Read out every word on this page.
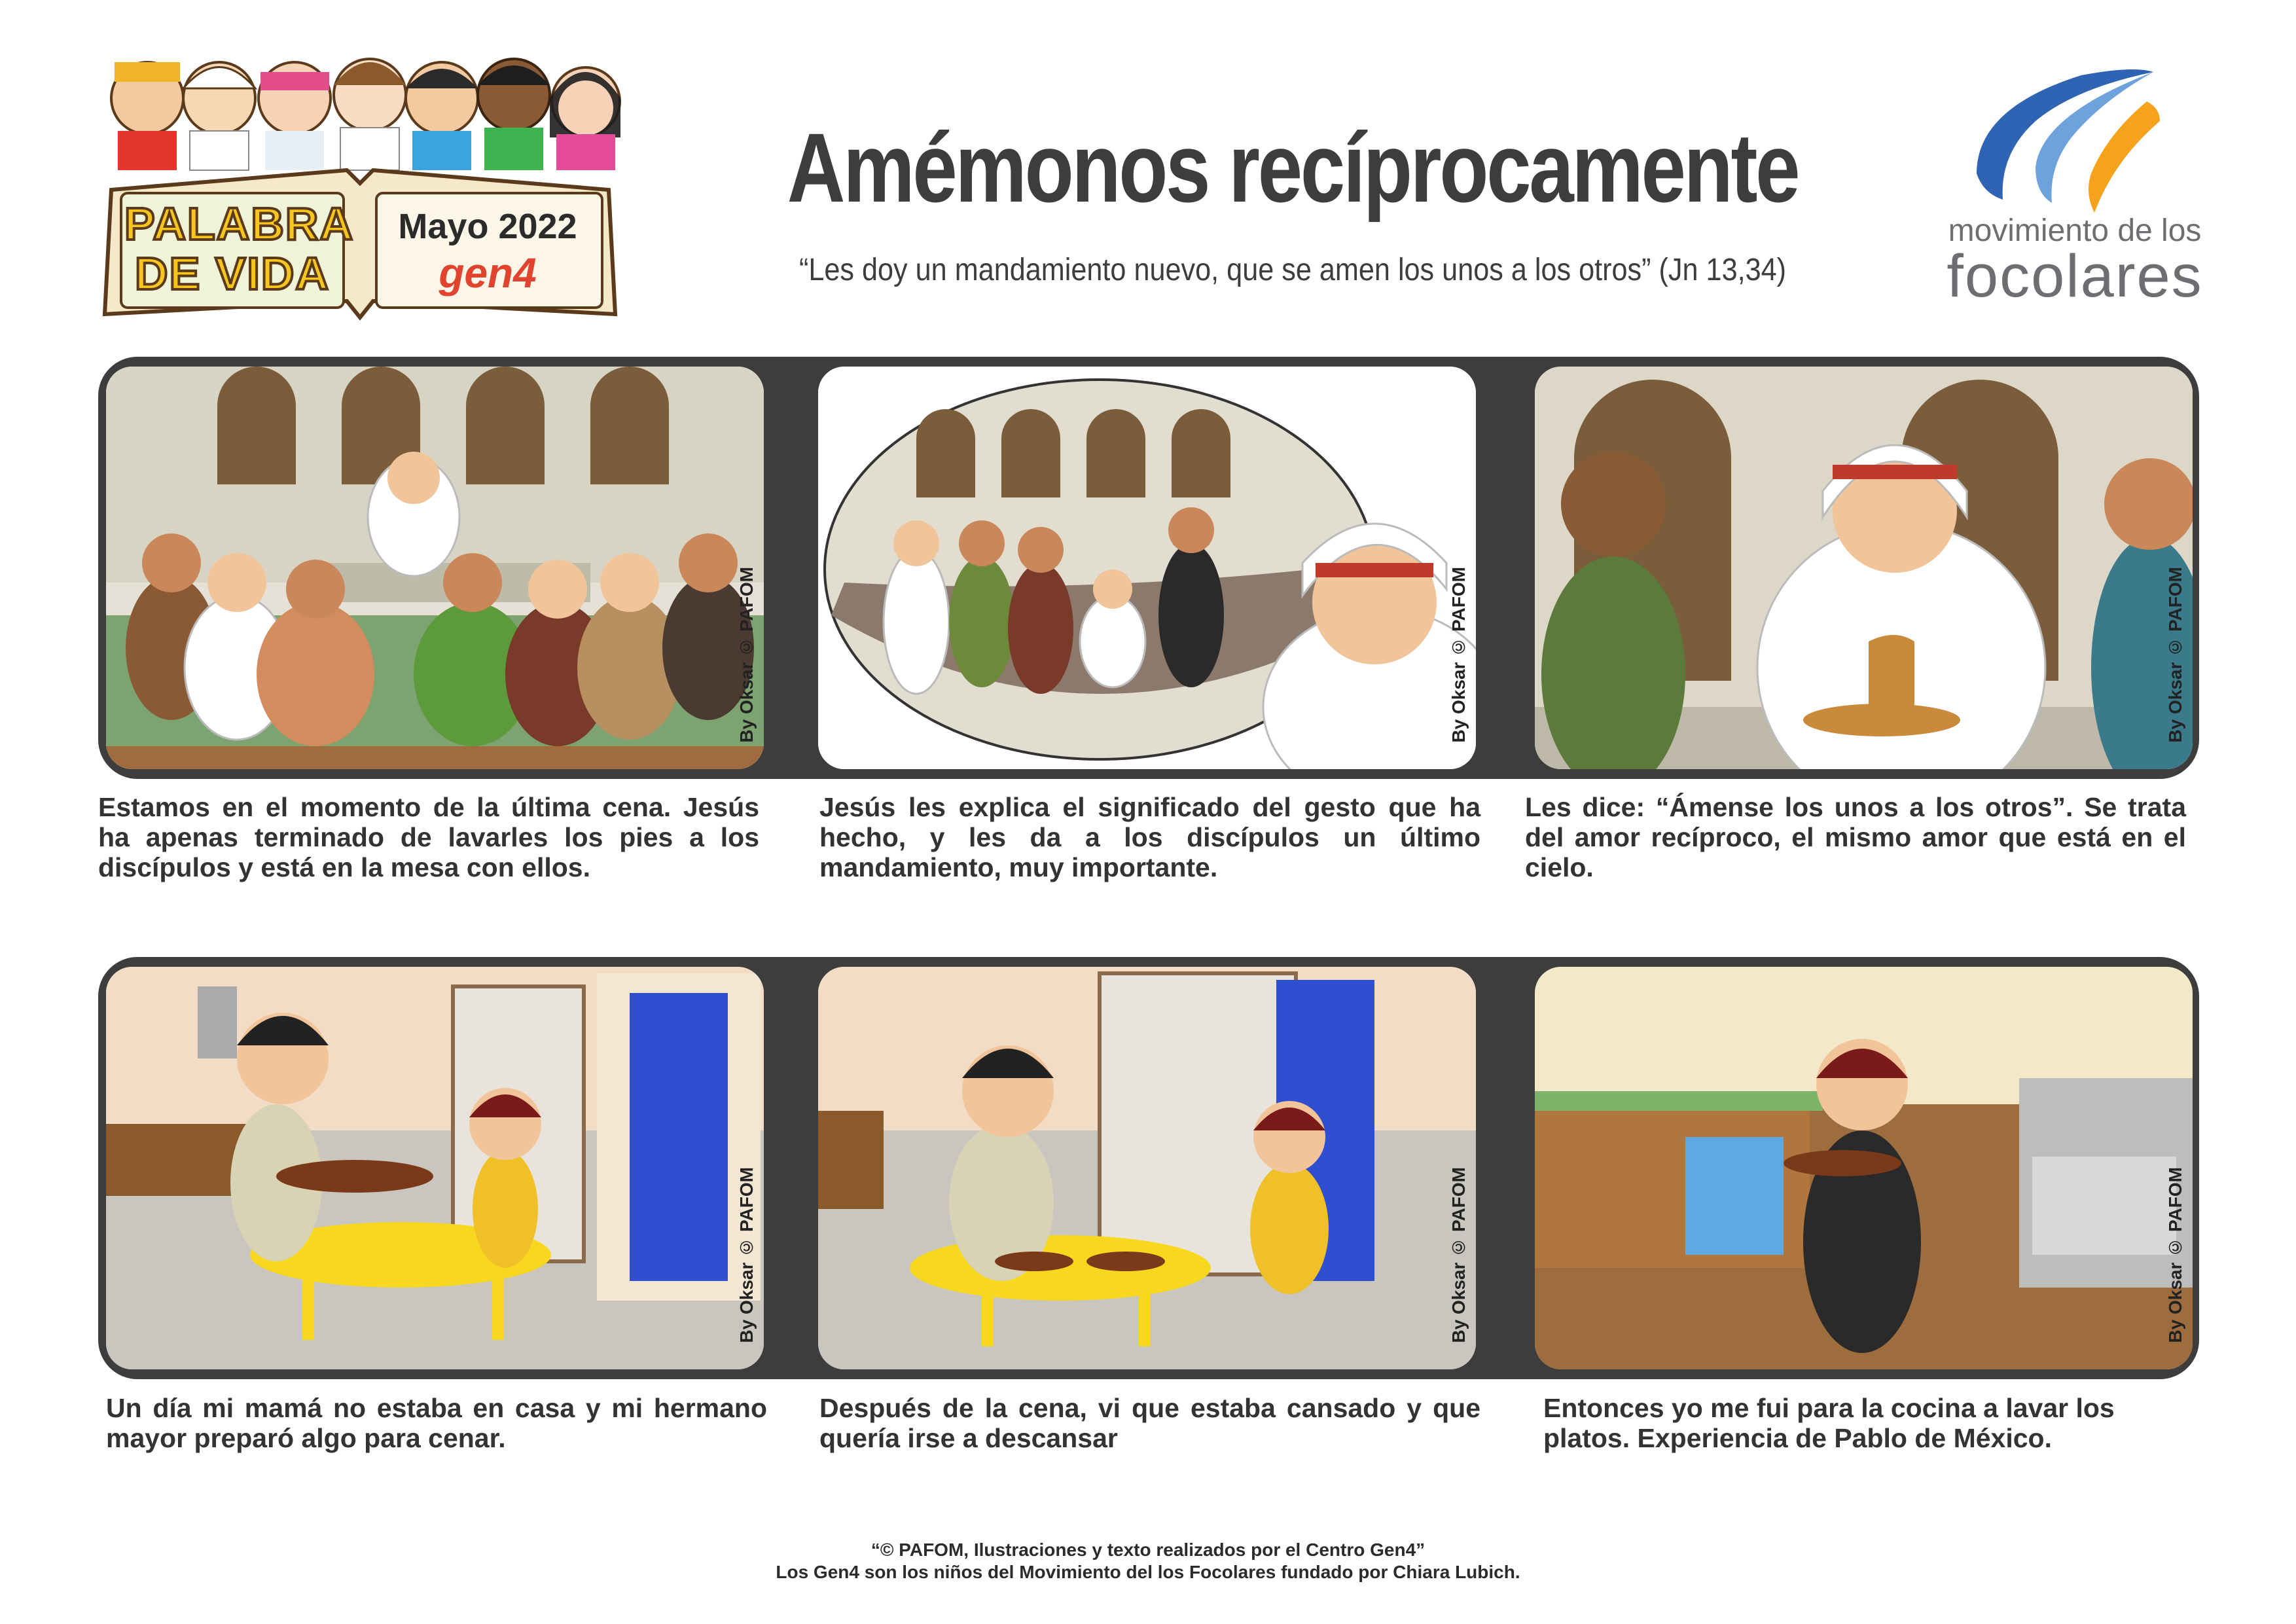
PALABRA
DE VIDA
Mayo 2022
gen4
Amémonos recíprocamente
“Les doy un mandamiento nuevo, que se amen los unos a los otros” (Jn 13,34)
movimiento de los
focolares
By Oksar © PAFOM	By Oksar © PAFOM	By Oksar © PAFOM
Estamos en el momento de la última cena. Jesús ha apenas terminado de lavarles los pies a los discípulos y está en la mesa con ellos.
Jesús les explica el significado del gesto que ha hecho, y les da a los discípulos un último mandamiento, muy importante.
Les dice: “Ámense los unos a los otros”. Se trata del amor recíproco, el mismo amor que está en el cielo.
By Oksar © PAFOM	By Oksar © PAFOM	By Oksar © PAFOM
Un día mi mamá no estaba en casa y mi hermano mayor preparó algo para cenar.
Después de la cena, vi que estaba cansado y que quería irse a descansar
Entonces yo me fui para la cocina a lavar los platos. Experiencia de Pablo de México.
“© PAFOM, Ilustraciones y texto realizados por el Centro Gen4”
Los Gen4 son los niños del Movimiento del los Focolares fundado por Chiara Lubich.
